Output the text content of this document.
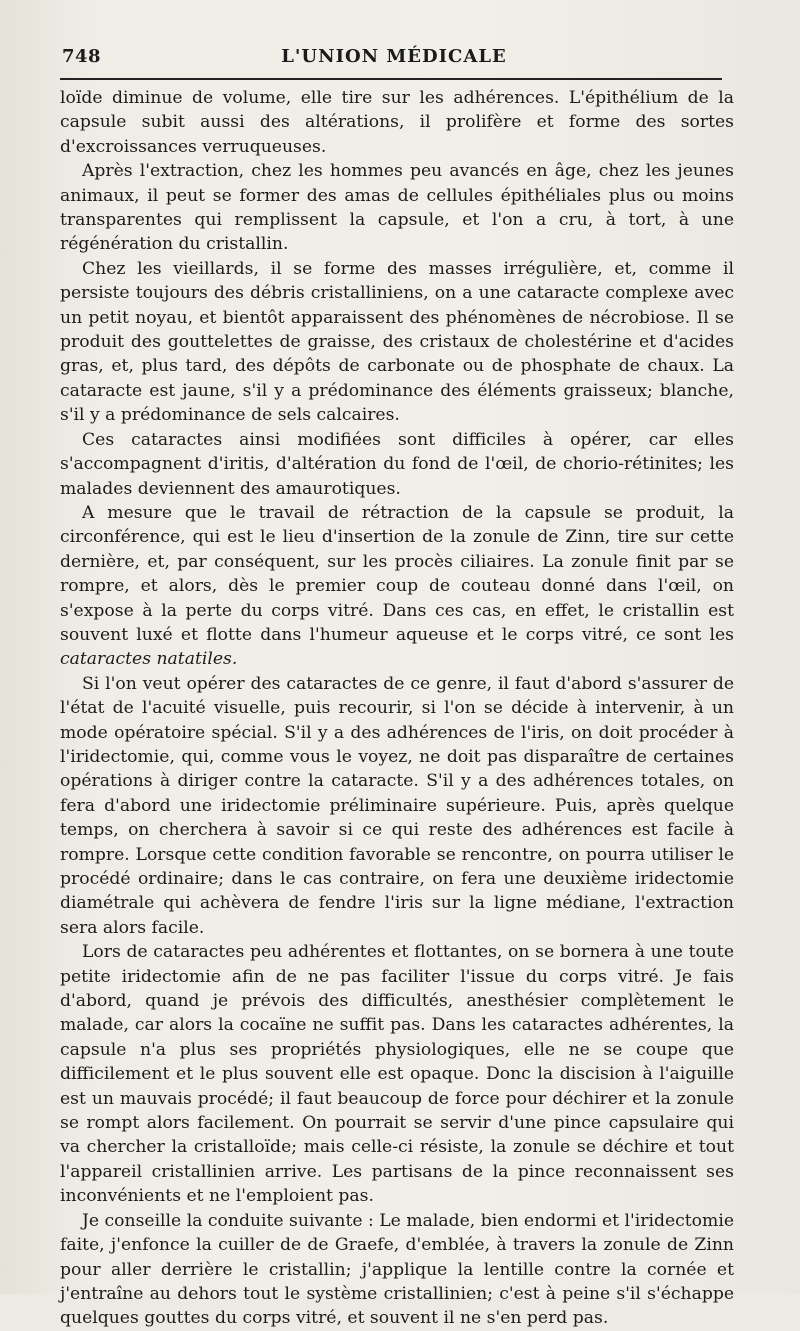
748	L'UNION MÉDICALE

loïde diminue de volume, elle tire sur les adhérences. L'épithélium de la capsule subit aussi des altérations, il prolifère et forme des sortes d'excroissances verruqueuses.

Après l'extraction, chez les hommes peu avancés en âge, chez les jeunes animaux, il peut se former des amas de cellules épithéliales plus ou moins transparentes qui remplissent la capsule, et l'on a cru, à tort, à une régénération du cristallin.

Chez les vieillards, il se forme des masses irrégulière, et, comme il persiste toujours des débris cristalliniens, on a une cataracte complexe avec un petit noyau, et bientôt apparaissent des phénomènes de nécrobiose. Il se produit des gouttelettes de graisse, des cristaux de cholestérine et d'acides gras, et, plus tard, des dépôts de carbonate ou de phosphate de chaux. La cataracte est jaune, s'il y a prédominance des éléments graisseux; blanche, s'il y a prédominance de sels calcaires.

Ces cataractes ainsi modifiées sont difficiles à opérer, car elles s'accompagnent d'iritis, d'altération du fond de l'œil, de chorio-rétinites; les malades deviennent des amaurotiques.

A mesure que le travail de rétraction de la capsule se produit, la circonférence, qui est le lieu d'insertion de la zonule de Zinn, tire sur cette dernière, et, par conséquent, sur les procès ciliaires. La zonule finit par se rompre, et alors, dès le premier coup de couteau donné dans l'œil, on s'expose à la perte du corps vitré. Dans ces cas, en effet, le cristallin est souvent luxé et flotte dans l'humeur aqueuse et le corps vitré, ce sont les cataractes natatiles.

Si l'on veut opérer des cataractes de ce genre, il faut d'abord s'assurer de l'état de l'acuité visuelle, puis recourir, si l'on se décide à intervenir, à un mode opératoire spécial. S'il y a des adhérences de l'iris, on doit procéder à l'iridectomie, qui, comme vous le voyez, ne doit pas disparaître de certaines opérations à diriger contre la cataracte. S'il y a des adhérences totales, on fera d'abord une iridectomie préliminaire supérieure. Puis, après quelque temps, on cherchera à savoir si ce qui reste des adhérences est facile à rompre. Lorsque cette condition favorable se rencontre, on pourra utiliser le procédé ordinaire; dans le cas contraire, on fera une deuxième iridectomie diamétrale qui achèvera de fendre l'iris sur la ligne médiane, l'extraction sera alors facile.

Lors de cataractes peu adhérentes et flottantes, on se bornera à une toute petite iridectomie afin de ne pas faciliter l'issue du corps vitré. Je fais d'abord, quand je prévois des difficultés, anesthésier complètement le malade, car alors la cocaïne ne suffit pas. Dans les cataractes adhérentes, la capsule n'a plus ses propriétés physiologiques, elle ne se coupe que difficilement et le plus souvent elle est opaque. Donc la discision à l'aiguille est un mauvais procédé; il faut beaucoup de force pour déchirer et la zonule se rompt alors facilement. On pourrait se servir d'une pince capsulaire qui va chercher la cristalloïde; mais celle-ci résiste, la zonule se déchire et tout l'appareil cristallinien arrive. Les partisans de la pince reconnaissent ses inconvénients et ne l'emploient pas.

Je conseille la conduite suivante : Le malade, bien endormi et l'iridectomie faite, j'enfonce la cuiller de de Graefe, d'emblée, à travers la zonule de Zinn pour aller derrière le cristallin; j'applique la lentille contre la cornée et j'entraîne au dehors tout le système cristallinien; c'est à peine s'il s'échappe quelques gouttes du corps vitré, et souvent il ne s'en perd pas.
